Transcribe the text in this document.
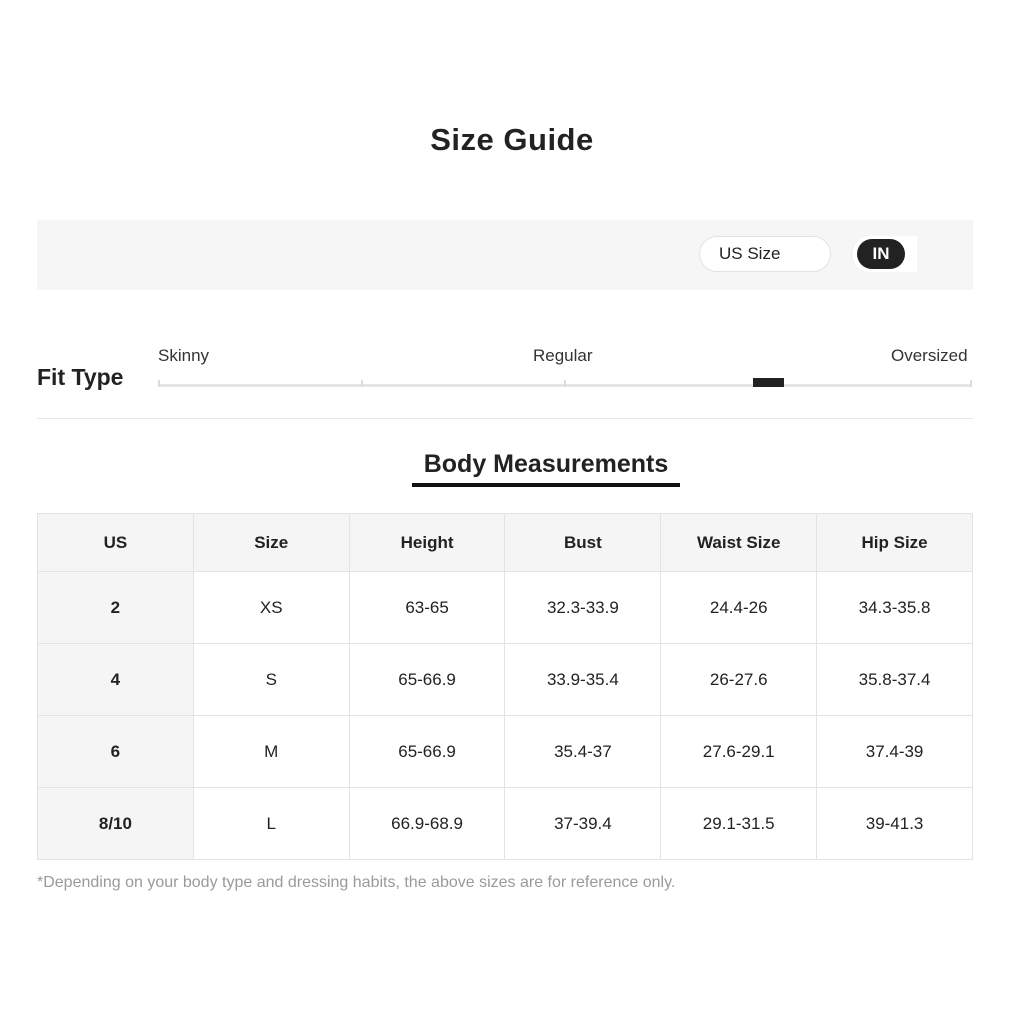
Size Guide
US Size	IN
Fit Type
Skinny	Regular	Oversized
Body Measurements
US	Size	Height	Bust	Waist Size	Hip Size
2	XS	63-65	32.3-33.9	24.4-26	34.3-35.8
4	S	65-66.9	33.9-35.4	26-27.6	35.8-37.4
6	M	65-66.9	35.4-37	27.6-29.1	37.4-39
8/10	L	66.9-68.9	37-39.4	29.1-31.5	39-41.3
*Depending on your body type and dressing habits, the above sizes are for reference only.
